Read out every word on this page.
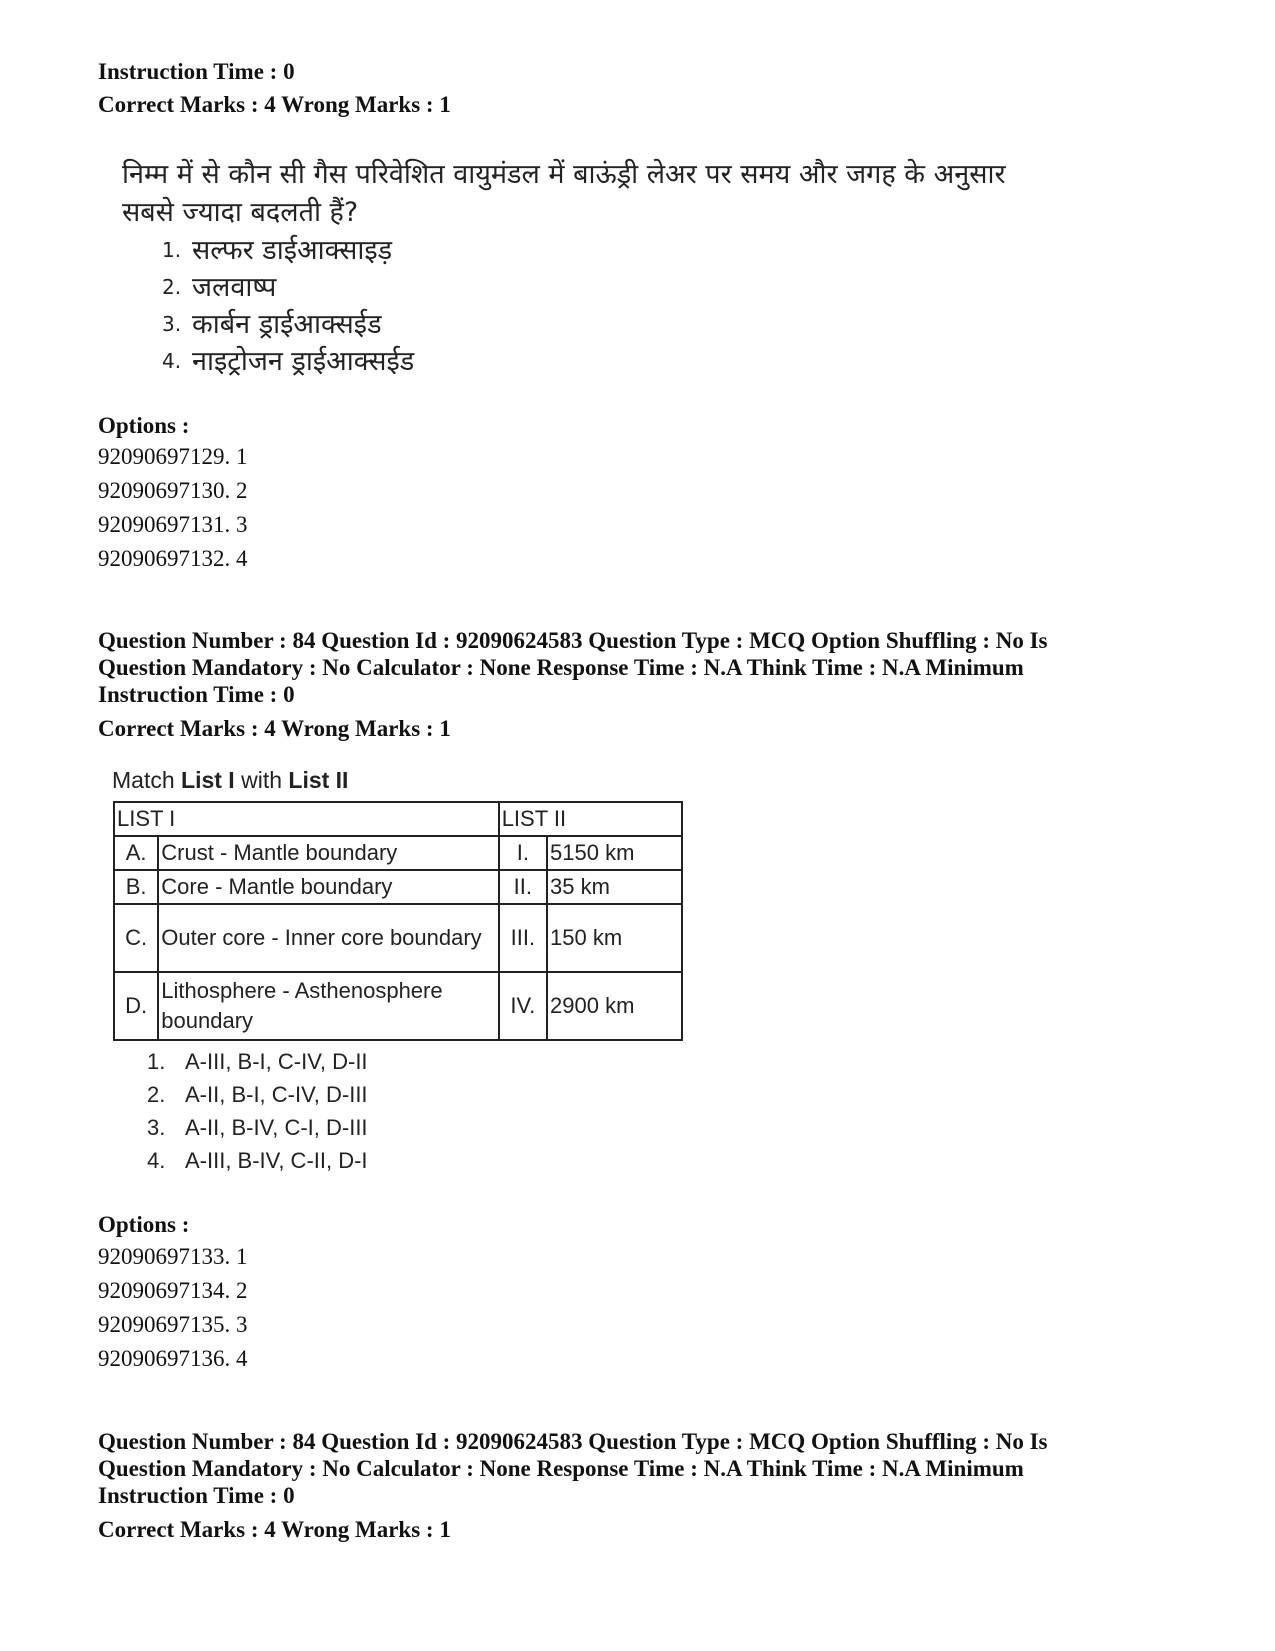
Instruction Time : 0
Correct Marks : 4 Wrong Marks : 1
निम्म में से कौन सी गैस परिवेशित वायुमंडल में बाऊंड्री लेअर पर समय और जगह के अनुसार
सबसे ज्यादा बदलती हैं?
1. सल्फर डाईआक्साइड़
2. जलवाष्प
3. कार्बन ड्राईआक्सईड
4. नाइट्रोजन ड्राईआक्सईड
Options :
92090697129. 1
92090697130. 2
92090697131. 3
92090697132. 4
Question Number : 84 Question Id : 92090624583 Question Type : MCQ Option Shuffling : No Is
Question Mandatory : No Calculator : None Response Time : N.A Think Time : N.A Minimum
Instruction Time : 0
Correct Marks : 4 Wrong Marks : 1
Match List I with List II
LIST I		LIST II	
A.	Crust - Mantle boundary	I.	5150 km
B.	Core - Mantle boundary	II.	35 km
C.	Outer core - Inner core boundary	III.	150 km
D.	Lithosphere - Asthenosphere boundary	IV.	2900 km
1. A-III, B-I, C-IV, D-II
2. A-II, B-I, C-IV, D-III
3. A-II, B-IV, C-I, D-III
4. A-III, B-IV, C-II, D-I
Options :
92090697133. 1
92090697134. 2
92090697135. 3
92090697136. 4
Question Number : 84 Question Id : 92090624583 Question Type : MCQ Option Shuffling : No Is
Question Mandatory : No Calculator : None Response Time : N.A Think Time : N.A Minimum
Instruction Time : 0
Correct Marks : 4 Wrong Marks : 1
